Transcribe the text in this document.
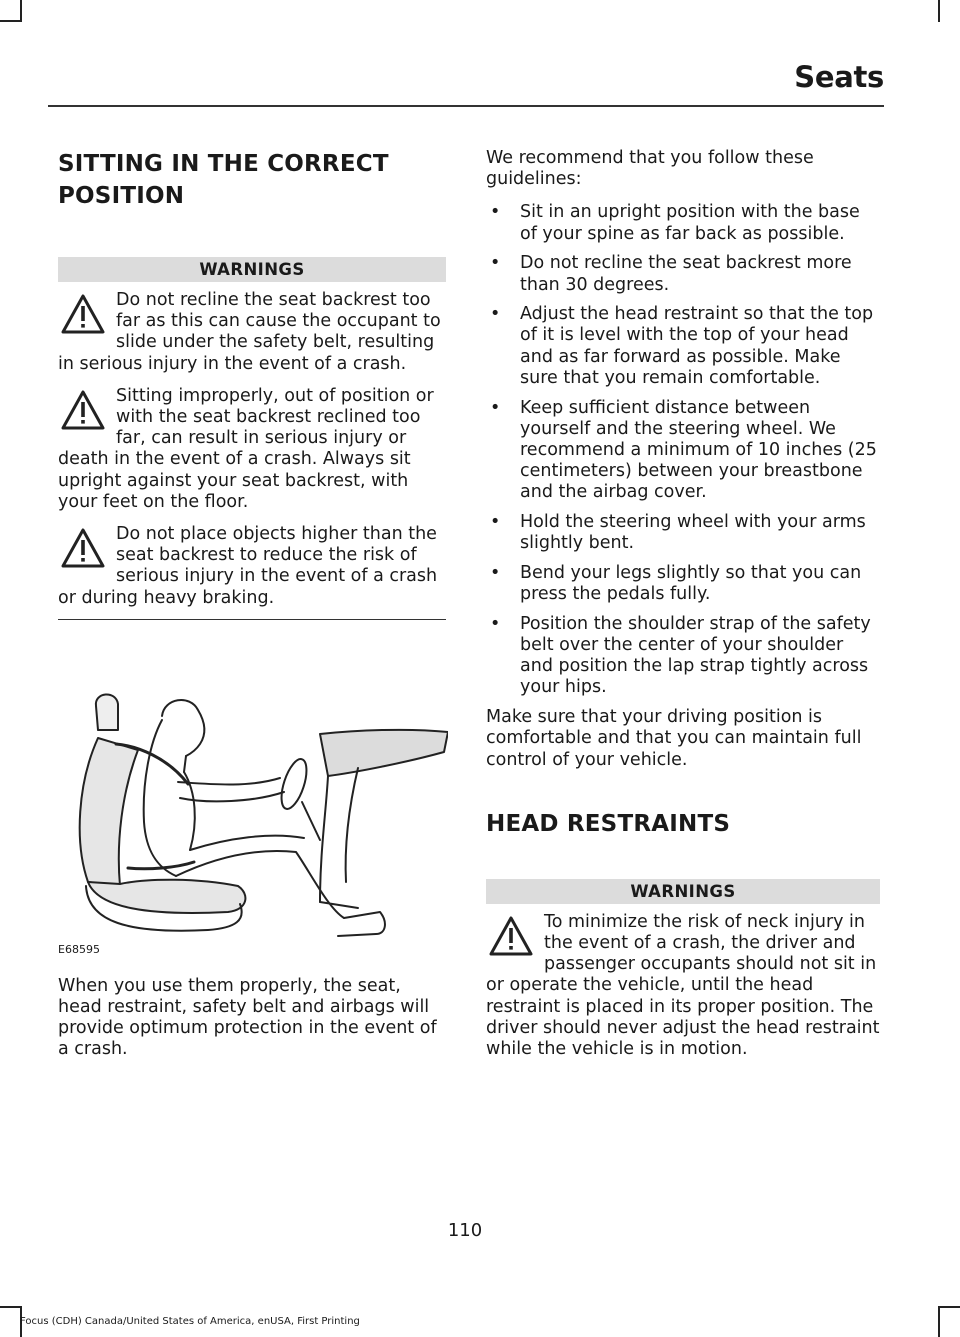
Seats
SITTING IN THE CORRECT POSITION
WARNINGS
Do not recline the seat backrest too far as this can cause the occupant to slide under the safety belt, resulting in serious injury in the event of a crash.
Sitting improperly, out of position or with the seat backrest reclined too far, can result in serious injury or death in the event of a crash. Always sit upright against your seat backrest, with your feet on the floor.
Do not place objects higher than the seat backrest to reduce the risk of serious injury in the event of a crash or during heavy braking.
E68595

When you use them properly, the seat, head restraint, safety belt and airbags will provide optimum protection in the event of a crash.

We recommend that you follow these guidelines:

• Sit in an upright position with the base of your spine as far back as possible.
• Do not recline the seat backrest more than 30 degrees.
• Adjust the head restraint so that the top of it is level with the top of your head and as far forward as possible. Make sure that you remain comfortable.
• Keep sufficient distance between yourself and the steering wheel. We recommend a minimum of 10 inches (25 centimeters) between your breastbone and the airbag cover.
• Hold the steering wheel with your arms slightly bent.
• Bend your legs slightly so that you can press the pedals fully.
• Position the shoulder strap of the safety belt over the center of your shoulder and position the lap strap tightly across your hips.

Make sure that your driving position is comfortable and that you can maintain full control of your vehicle.

HEAD RESTRAINTS
WARNINGS
To minimize the risk of neck injury in the event of a crash, the driver and passenger occupants should not sit in or operate the vehicle, until the head restraint is placed in its proper position. The driver should never adjust the head restraint while the vehicle is in motion.
110
Focus (CDH) Canada/United States of America, enUSA, First Printing
